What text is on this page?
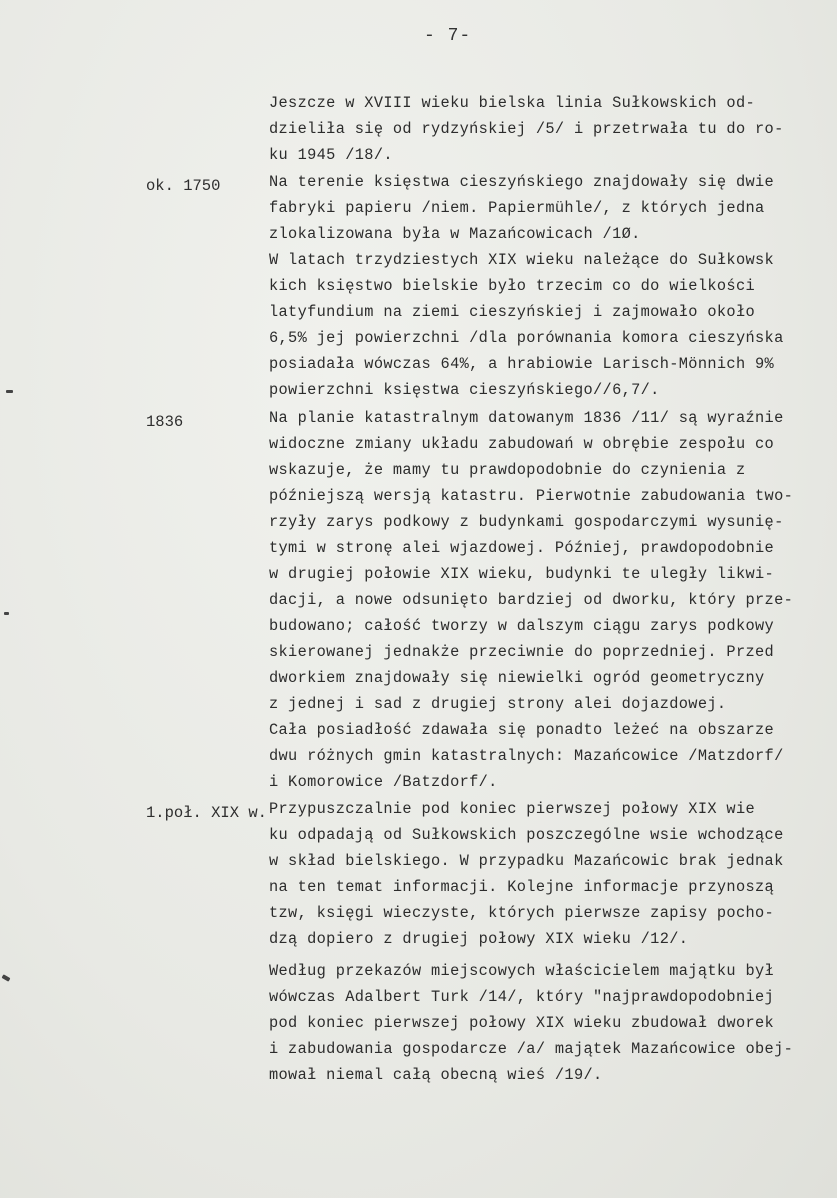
- 7-
Jeszcze w XVIII wieku bielska linia Sułkowskich od-
dzieliła się od rydzyńskiej /5/ i przetrwała tu do ro-
ku 1945 /18/.
ok. 1750	Na terenie księstwa cieszyńskiego znajdowały się dwie
fabryki papieru /niem. Papiermühle/, z których jedna
zlokalizowana była w Mazańcowicach /1Ø.
W latach trzydziestych XIX wieku należące do Sułkowsk
kich księstwo bielskie było trzecim co do wielkości
latyfundium na ziemi cieszyńskiej i zajmowało około
6,5% jej powierzchni /dla porównania komora cieszyńska
posiadała wówczas 64%, a hrabiowie Larisch-Mönnich 9%
powierzchni księstwa cieszyńskiego//6,7/.
1836	Na planie katastralnym datowanym 1836 /11/ są wyraźnie
widoczne zmiany układu zabudowań w obrębie zespołu co
wskazuje, że mamy tu prawdopodobnie do czynienia z
późniejszą wersją katastru. Pierwotnie zabudowania two-
rzyły zarys podkowy z budynkami gospodarczymi wysunię-
tymi w stronę alei wjazdowej. Później, prawdopodobnie
w drugiej połowie XIX wieku, budynki te uległy likwi-
dacji, a nowe odsunięto bardziej od dworku, który prze-
budowano; całość tworzy w dalszym ciągu zarys podkowy
skierowanej jednakże przeciwnie do poprzedniej. Przed
dworkiem znajdowały się niewielki ogród geometryczny
z jednej i sad z drugiej strony alei dojazdowej.
Cała posiadłość zdawała się ponadto leżeć na obszarze
dwu różnych gmin katastralnych: Mazańcowice /Matzdorf/
i Komorowice /Batzdorf/.
1.poł. XIX w. Przypuszczalnie pod koniec pierwszej połowy XIX wie
ku odpadają od Sułkowskich poszczególne wsie wchodzące
w skład bielskiego. W przypadku Mazańcowic brak jednak
na ten temat informacji. Kolejne informacje przynoszą
tzw, księgi wieczyste, których pierwsze zapisy pocho-
dzą dopiero z drugiej połowy XIX wieku /12/.
Według przekazów miejscowych właścicielem majątku był
wówczas Adalbert Turk /14/, który "najprawdopodobniej
pod koniec pierwszej połowy XIX wieku zbudował dworek
i zabudowania gospodarcze /a/ majątek Mazańcowice obej-
mował niemal całą obecną wieś /19/.
